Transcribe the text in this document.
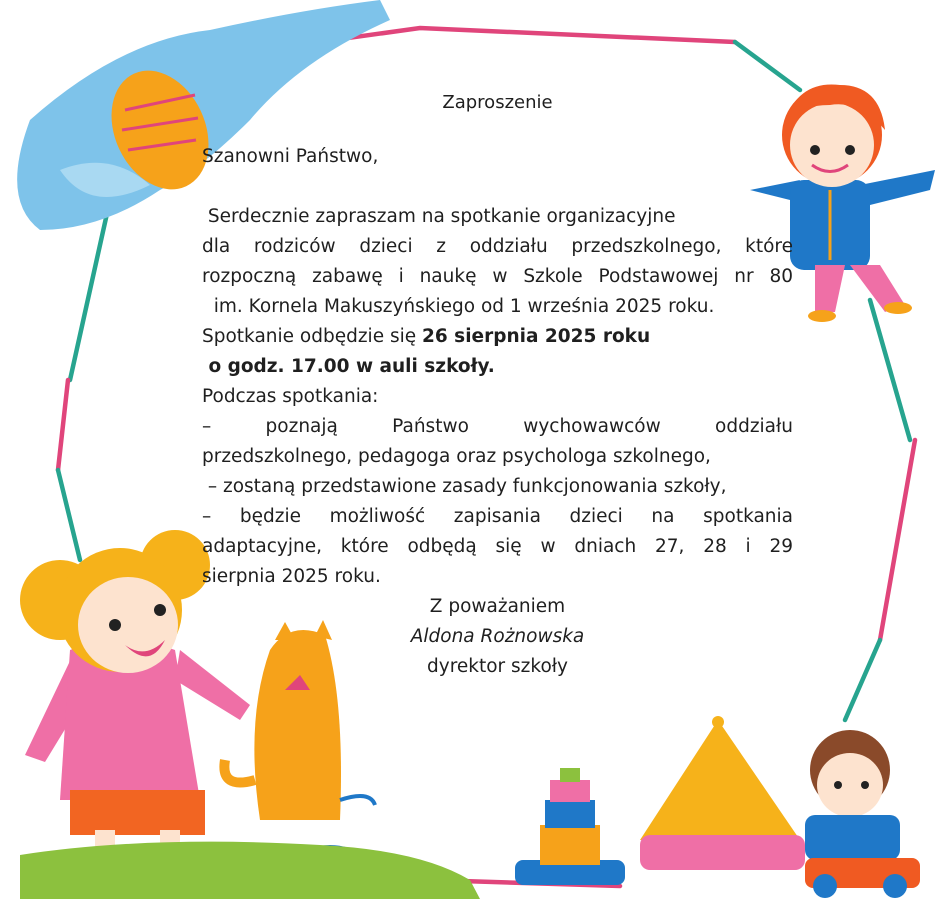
Zaproszenie
Szanowni Państwo,
Serdecznie zapraszam na spotkanie organizacyjne
dla rodziców dzieci z oddziału przedszkolnego, które
rozpoczną zabawę i naukę w Szkole Podstawowej nr 80
im. Kornela Makuszyńskiego od 1 września 2025 roku.
Spotkanie odbędzie się 26 sierpnia 2025 roku
o godz. 17.00 w auli szkoły.
Podczas spotkania:
– poznają Państwo wychowawców oddziału
przedszkolnego, pedagoga oraz psychologa szkolnego,
– zostaną przedstawione zasady funkcjonowania szkoły,
– będzie możliwość zapisania dzieci na spotkania
adaptacyjne, które odbędą się w dniach 27, 28 i 29
sierpnia 2025 roku.
Z poważaniem
Aldona Rożnowska
dyrektor szkoły
